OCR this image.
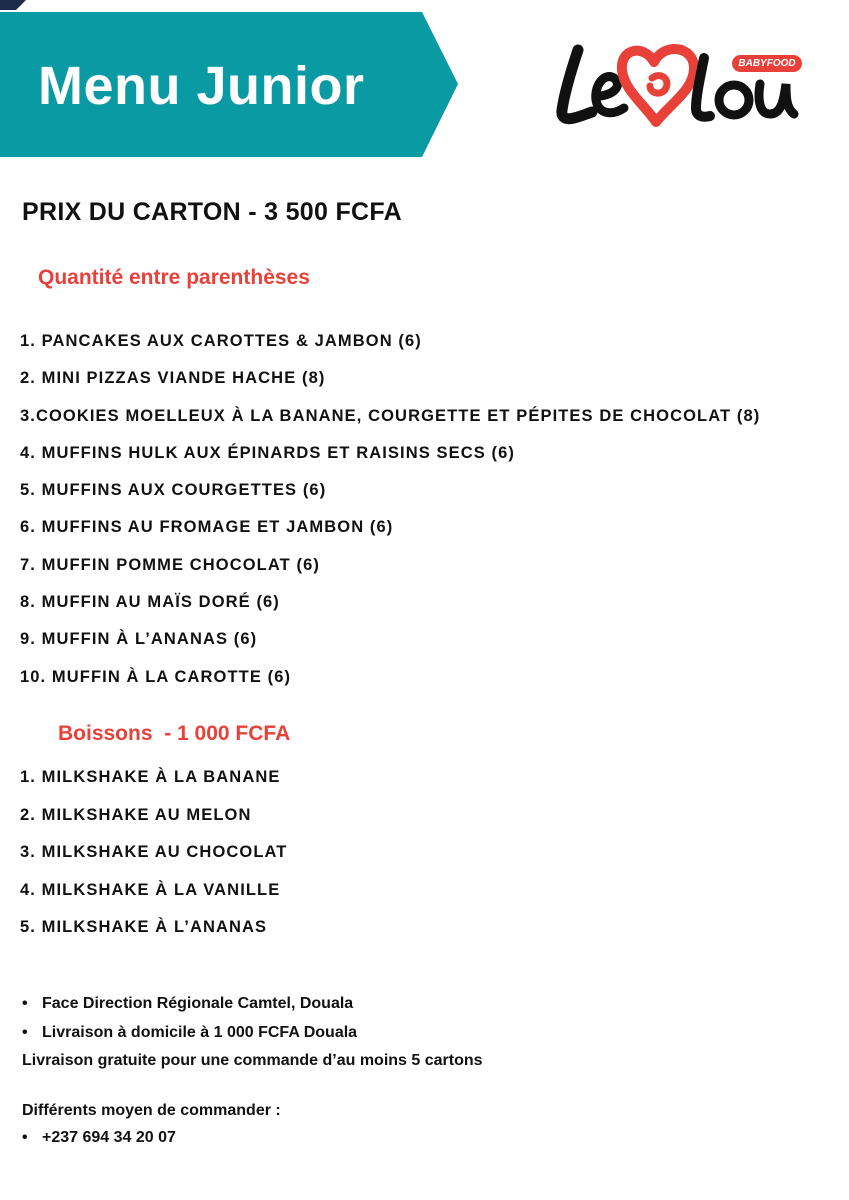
Menu Junior	BABYFOOD
PRIX DU CARTON - 3 500 FCFA
Quantité entre parenthèses
1. PANCAKES AUX CAROTTES & JAMBON (6)
2. MINI PIZZAS VIANDE HACHE (8)
3.COOKIES MOELLEUX À LA BANANE, COURGETTE ET PÉPITES DE CHOCOLAT (8)
4. MUFFINS HULK AUX ÉPINARDS ET RAISINS SECS (6)
5. MUFFINS AUX COURGETTES (6)
6. MUFFINS AU FROMAGE ET JAMBON (6)
7. MUFFIN POMME CHOCOLAT (6)
8. MUFFIN AU MAÏS DORÉ (6)
9. MUFFIN À L’ANANAS (6)
10. MUFFIN À LA CAROTTE (6)
Boissons  - 1 000 FCFA
1. MILKSHAKE À LA BANANE
2. MILKSHAKE AU MELON
3. MILKSHAKE AU CHOCOLAT
4. MILKSHAKE À LA VANILLE
5. MILKSHAKE À L’ANANAS
• Face Direction Régionale Camtel, Douala
• Livraison à domicile à 1 000 FCFA Douala
Livraison gratuite pour une commande d’au moins 5 cartons
Différents moyen de commander :
• +237 694 34 20 07
